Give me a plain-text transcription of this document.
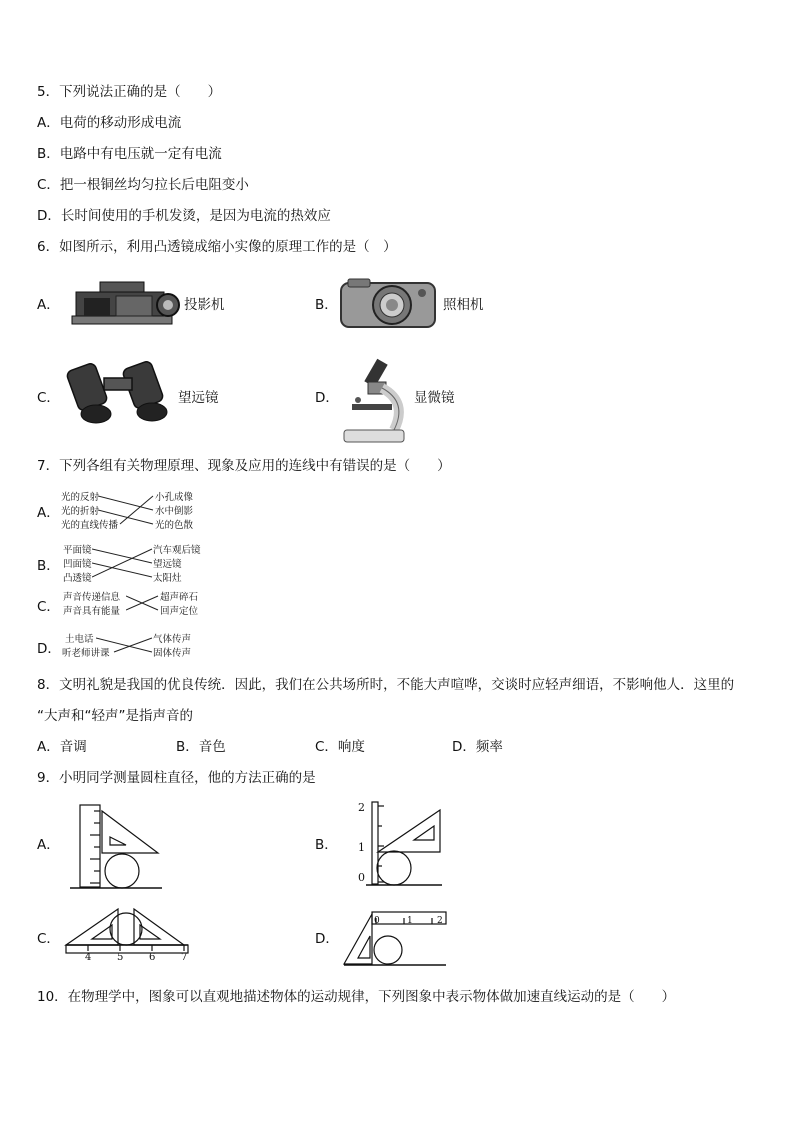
5．下列说法正确的是（　　）
A．电荷的移动形成电流
B．电路中有电压就一定有电流
C．把一根铜丝均匀拉长后电阻变小
D．长时间使用的手机发烫，是因为电流的热效应
6．如图所示，利用凸透镜成缩小实像的原理工作的是（　）
A．	投影机	B．	照相机
C．	望远镜	D．	显微镜
7．下列各组有关物理原理、现象及应用的连线中有错误的是（　　）
A．
光的反射
光的折射
光的直线传播
小孔成像
水中倒影
光的色散
B．
平面镜
凹面镜
凸透镜
汽车观后镜
望远镜
太阳灶
C．
声音传递信息
声音具有能量
超声碎石
回声定位
D．
土电话
听老师讲课
气体传声
固体传声
8．文明礼貌是我国的优良传统．因此，我们在公共场所时，不能大声喧哗，交谈时应轻声细语，不影响他人．这里的
“大声和“轻声”是指声音的
A．音调	B．音色	C．响度	D．频率
9．小明同学测量圆柱直径，他的方法正确的是
A．	B．
2
1
0
C．
4	5	6	7
D．
0	1	2
10．在物理学中，图象可以直观地描述物体的运动规律，下列图象中表示物体做加速直线运动的是（　　）
